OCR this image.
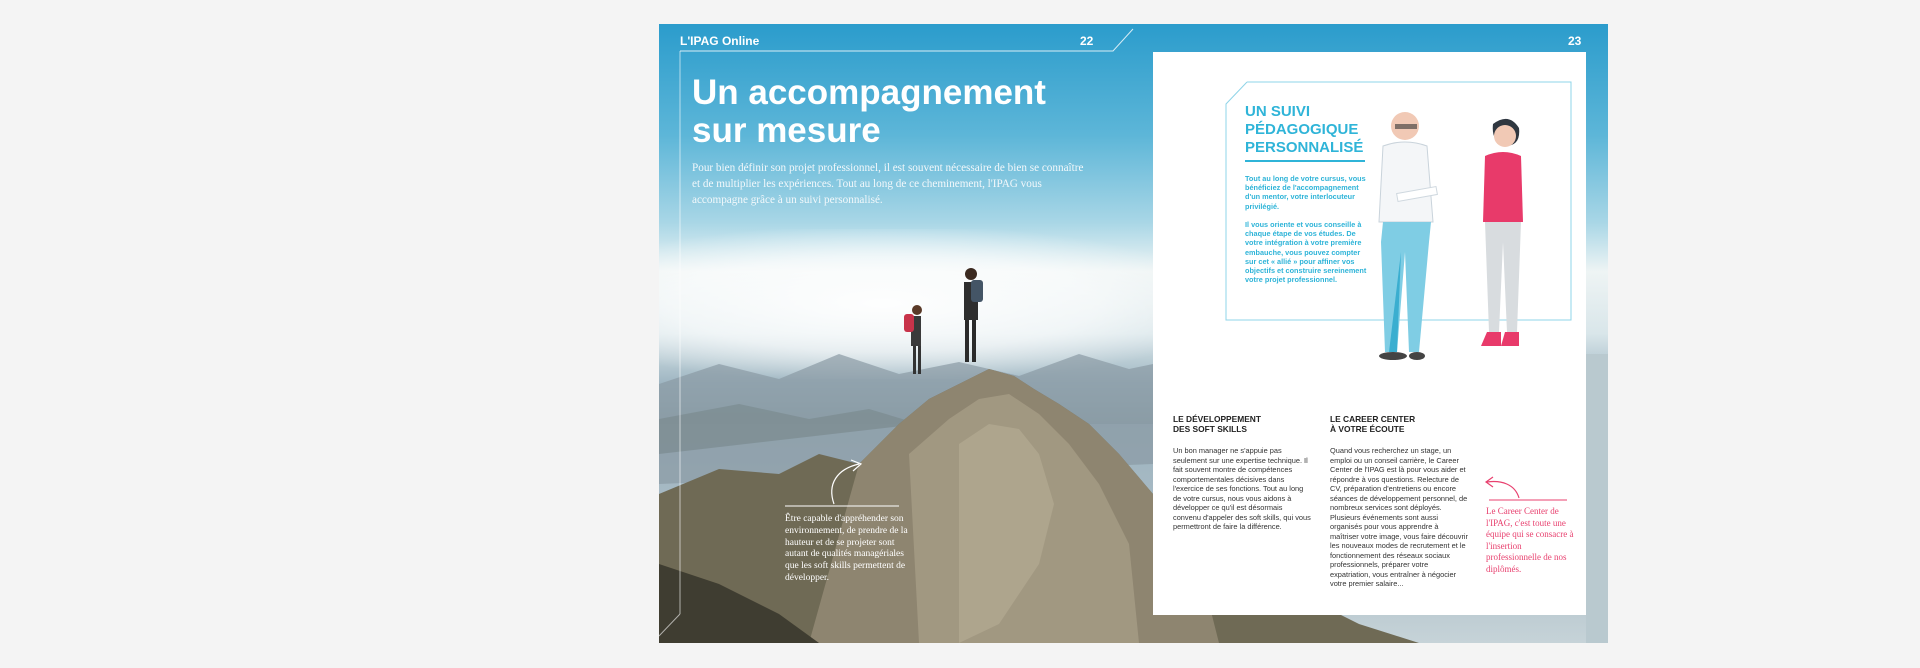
L'IPAG Online	22	23
Un accompagnement
sur mesure

Pour bien définir son projet professionnel, il est souvent nécessaire de bien se connaître et de multiplier les expériences. Tout au long de ce cheminement, l'IPAG vous accompagne grâce à un suivi personnalisé.

Être capable d'appréhender son environnement, de prendre de la hauteur et de se projeter sont autant de qualités managériales que les soft skills permettent de développer.

UN SUIVI
PÉDAGOGIQUE
PERSONNALISÉ

Tout au long de votre cursus, vous bénéficiez de l'accompagnement d'un mentor, votre interlocuteur privilégié.

Il vous oriente et vous conseille à chaque étape de vos études. De votre intégration à votre première embauche, vous pouvez compter sur cet « allié » pour affiner vos objectifs et construire sereinement votre projet professionnel.

LE DÉVELOPPEMENT
DES SOFT SKILLS

Un bon manager ne s'appuie pas seulement sur une expertise technique. Il fait souvent montre de compétences comportementales décisives dans l'exercice de ses fonctions. Tout au long de votre cursus, nous vous aidons à développer ce qu'il est désormais convenu d'appeler des soft skills, qui vous permettront de faire la différence.

LE CAREER CENTER
À VOTRE ÉCOUTE

Quand vous recherchez un stage, un emploi ou un conseil carrière, le Career Center de l'IPAG est là pour vous aider et répondre à vos questions. Relecture de CV, préparation d'entretiens ou encore séances de développement personnel, de nombreux services sont déployés. Plusieurs événements sont aussi organisés pour vous apprendre à maîtriser votre image, vous faire découvrir les nouveaux modes de recrutement et le fonctionnement des réseaux sociaux professionnels, préparer votre expatriation, vous entraîner à négocier votre premier salaire...

Le Career Center de l'IPAG, c'est toute une équipe qui se consacre à l'insertion professionnelle de nos diplômés.
